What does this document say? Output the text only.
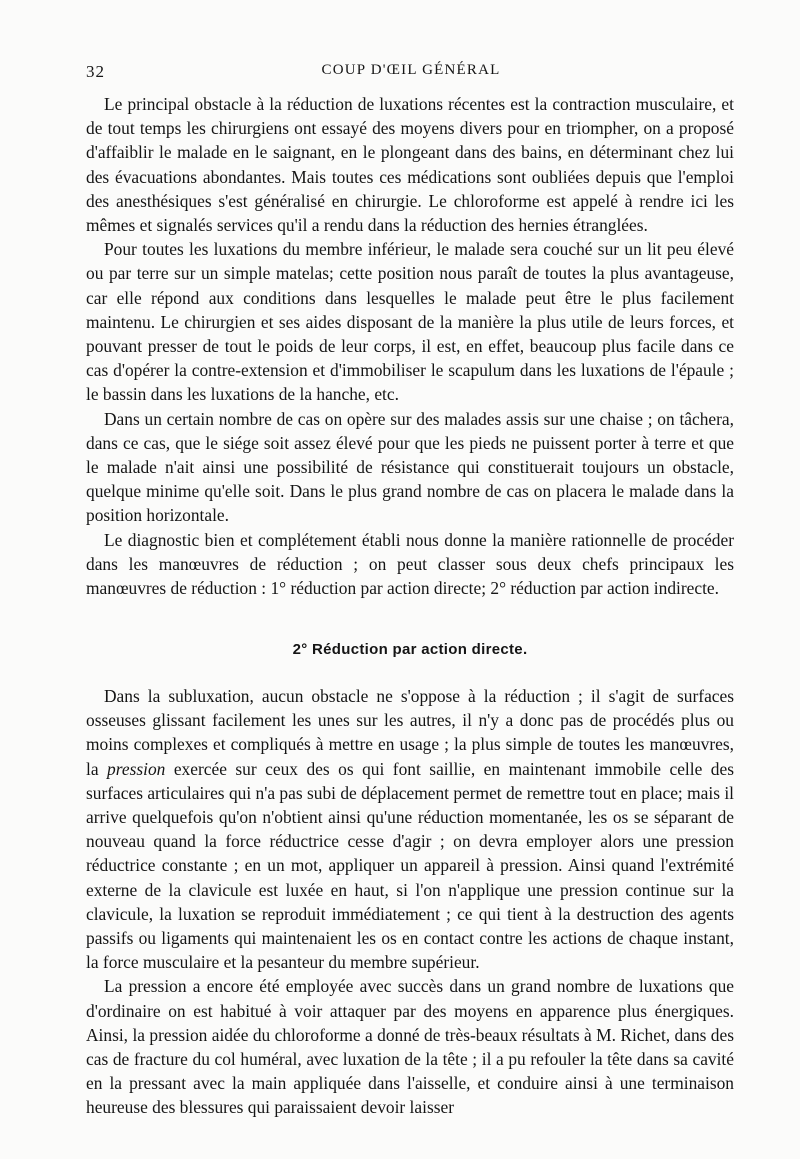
32	COUP D'ŒIL GÉNÉRAL

Le principal obstacle à la réduction de luxations récentes est la contraction musculaire, et de tout temps les chirurgiens ont essayé des moyens divers pour en triompher, on a proposé d'affaiblir le malade en le saignant, en le plongeant dans des bains, en déterminant chez lui des évacuations abondantes. Mais toutes ces médications sont oubliées depuis que l'emploi des anesthésiques s'est généralisé en chirurgie. Le chloroforme est appelé à rendre ici les mêmes et signalés services qu'il a rendu dans la réduction des hernies étranglées.

Pour toutes les luxations du membre inférieur, le malade sera couché sur un lit peu élevé ou par terre sur un simple matelas; cette position nous paraît de toutes la plus avantageuse, car elle répond aux conditions dans lesquelles le malade peut être le plus facilement maintenu. Le chirurgien et ses aides disposant de la manière la plus utile de leurs forces, et pouvant presser de tout le poids de leur corps, il est, en effet, beaucoup plus facile dans ce cas d'opérer la contre-extension et d'immobiliser le scapulum dans les luxations de l'épaule ; le bassin dans les luxations de la hanche, etc.

Dans un certain nombre de cas on opère sur des malades assis sur une chaise ; on tâchera, dans ce cas, que le siége soit assez élevé pour que les pieds ne puissent porter à terre et que le malade n'ait ainsi une possibilité de résistance qui constituerait toujours un obstacle, quelque minime qu'elle soit. Dans le plus grand nombre de cas on placera le malade dans la position horizontale.

Le diagnostic bien et complétement établi nous donne la manière rationnelle de procéder dans les manœuvres de réduction ; on peut classer sous deux chefs principaux les manœuvres de réduction : 1° réduction par action directe; 2° réduction par action indirecte.

2° Réduction par action directe.

Dans la subluxation, aucun obstacle ne s'oppose à la réduction ; il s'agit de surfaces osseuses glissant facilement les unes sur les autres, il n'y a donc pas de procédés plus ou moins complexes et compliqués à mettre en usage ; la plus simple de toutes les manœuvres, la pression exercée sur ceux des os qui font saillie, en maintenant immobile celle des surfaces articulaires qui n'a pas subi de déplacement permet de remettre tout en place; mais il arrive quelquefois qu'on n'obtient ainsi qu'une réduction momentanée, les os se séparant de nouveau quand la force réductrice cesse d'agir ; on devra employer alors une pression réductrice constante ; en un mot, appliquer un appareil à pression. Ainsi quand l'extrémité externe de la clavicule est luxée en haut, si l'on n'applique une pression continue sur la clavicule, la luxation se reproduit immédiatement ; ce qui tient à la destruction des agents passifs ou ligaments qui maintenaient les os en contact contre les actions de chaque instant, la force musculaire et la pesanteur du membre supérieur.

La pression a encore été employée avec succès dans un grand nombre de luxations que d'ordinaire on est habitué à voir attaquer par des moyens en apparence plus énergiques. Ainsi, la pression aidée du chloroforme a donné de très-beaux résultats à M. Richet, dans des cas de fracture du col huméral, avec luxation de la tête ; il a pu refouler la tête dans sa cavité en la pressant avec la main appliquée dans l'aisselle, et conduire ainsi à une terminaison heureuse des blessures qui paraissaient devoir laisser
